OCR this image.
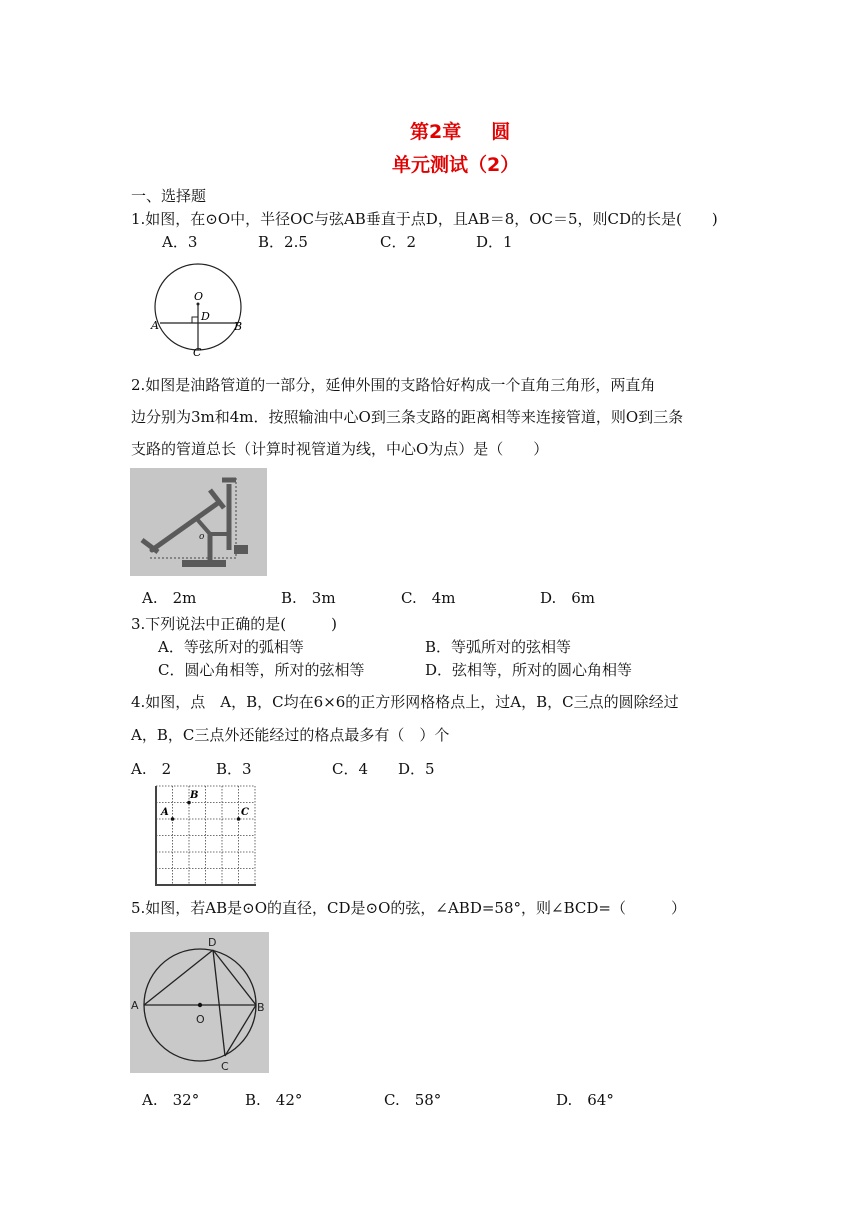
第2章 圆
单元测试（2）
一、选择题
1.如图，在⊙O中，半径OC与弦AB垂直于点D，且AB＝8，OC＝5，则CD的长是(　　)
A．3	B．2.5	C．2	D．1
O
D
A	B
C
2.如图是油路管道的一部分，延伸外围的支路恰好构成一个直角三角形，两直角
边分别为3m和4m．按照输油中心O到三条支路的距离相等来连接管道，则O到三条
支路的管道总长（计算时视管道为线，中心O为点）是（　　）
o
A.　2m	B.　3m	C.　4m	D.　6m
3.下列说法中正确的是(　　　)
A．等弦所对的弧相等	B．等弧所对的弦相等
C．圆心角相等，所对的弦相等	D．弦相等，所对的圆心角相等
4.如图，点　A，B，C均在6×6的正方形网格格点上，过A，B，C三点的圆除经过
A，B，C三点外还能经过的格点最多有（　）个
A.　2	B．3	C．4 D．5
A
B
C
5.如图，若AB是⊙O的直径，CD是⊙O的弦，∠ABD=58°，则∠BCD=（　　　）
D
A	B
O
C
A.　32°	B.　42°	C.　58°	D.　64°
